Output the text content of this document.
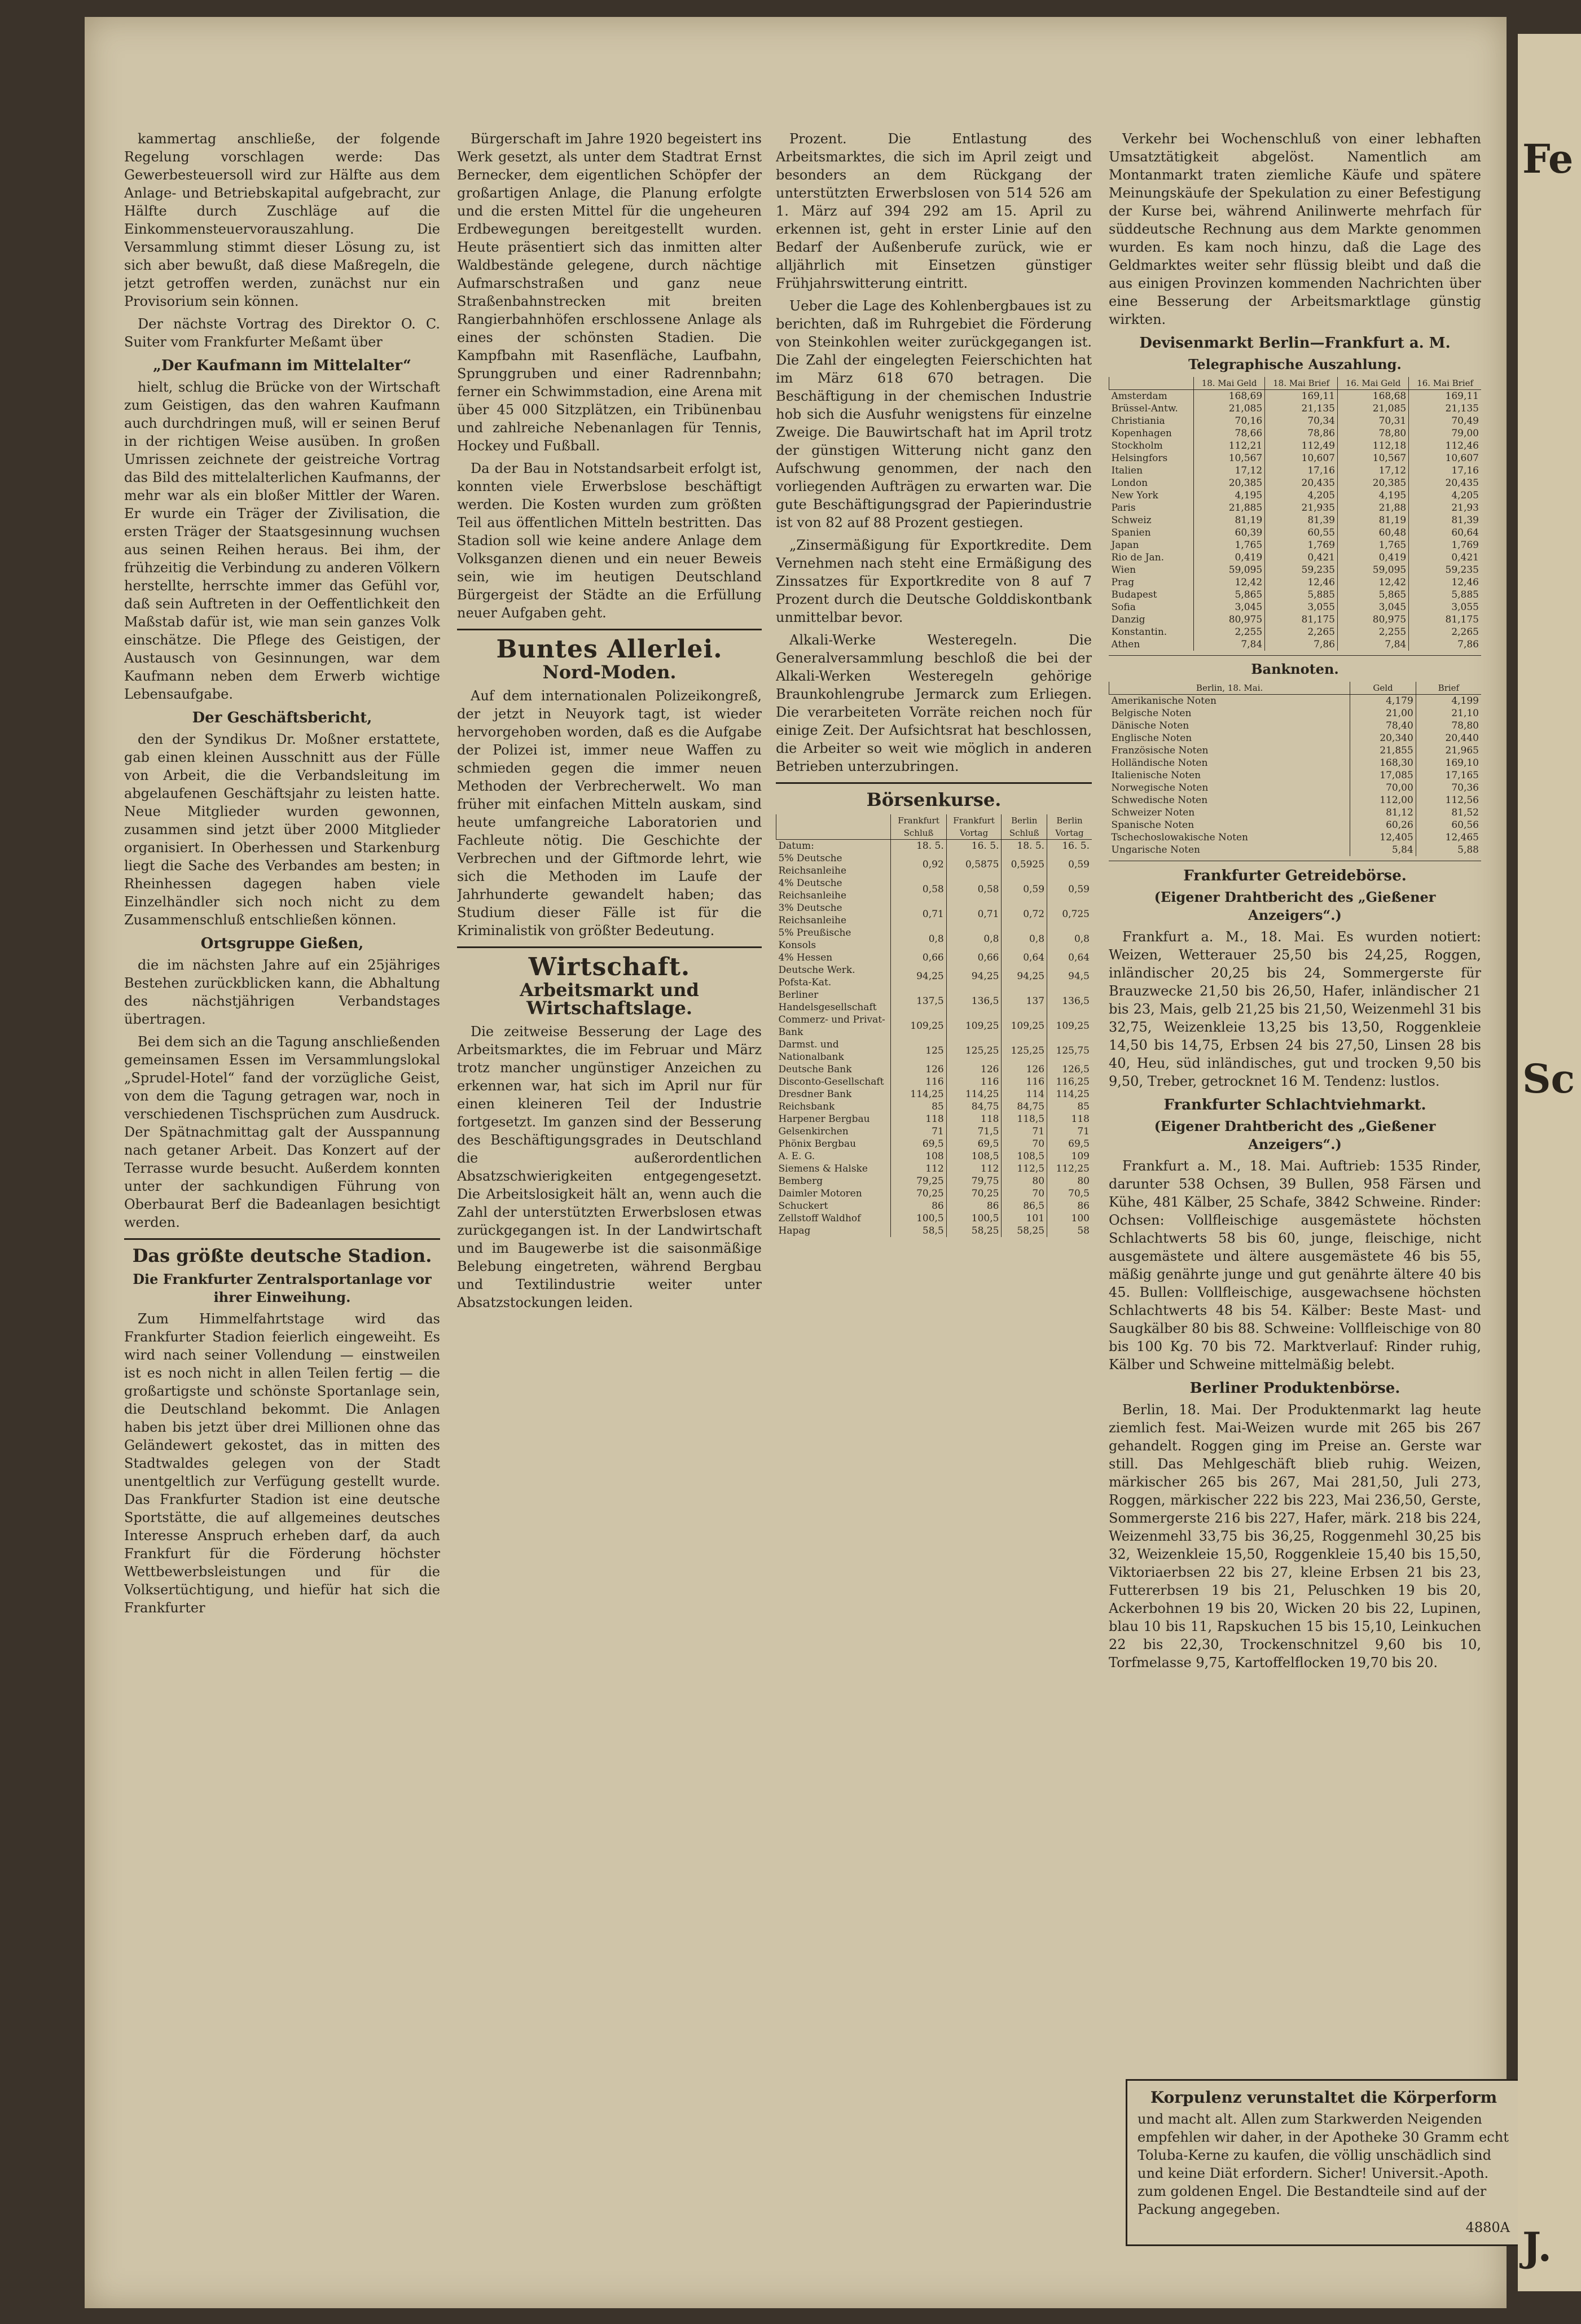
kammertag anschließe, der folgende Regelung vorschlagen werde: Das Gewerbesteuersoll wird zur Hälfte aus dem Anlage- und Betriebskapital aufgebracht, zur Hälfte durch Zuschläge auf die Einkommensteuervorauszahlung. Die Versammlung stimmt dieser Lösung zu, ist sich aber bewußt, daß diese Maßregeln, die jetzt getroffen werden, zunächst nur ein Provisorium sein können.

Der nächste Vortrag des Direktor O. C. Suiter vom Frankfurter Meßamt über

„Der Kaufmann im Mittelalter“

hielt, schlug die Brücke von der Wirtschaft zum Geistigen, das den wahren Kaufmann auch durchdringen muß, will er seinen Beruf in der richtigen Weise ausüben. In großen Umrissen zeichnete der geistreiche Vortrag das Bild des mittelalterlichen Kaufmanns, der mehr war als ein bloßer Mittler der Waren. Er wurde ein Träger der Zivilisation, die ersten Träger der Staatsgesinnung wuchsen aus seinen Reihen heraus. Bei ihm, der frühzeitig die Verbindung zu anderen Völkern herstellte, herrschte immer das Gefühl vor, daß sein Auftreten in der Oeffentlichkeit den Maßstab dafür ist, wie man sein ganzes Volk einschätze. Die Pflege des Geistigen, der Austausch von Gesinnungen, war dem Kaufmann neben dem Erwerb wichtige Lebensaufgabe.

Der Geschäftsbericht,

den der Syndikus Dr. Moßner erstattete, gab einen kleinen Ausschnitt aus der Fülle von Arbeit, die die Verbandsleitung im abgelaufenen Geschäftsjahr zu leisten hatte. Neue Mitglieder wurden gewonnen, zusammen sind jetzt über 2000 Mitglieder organisiert. In Oberhessen und Starkenburg liegt die Sache des Verbandes am besten; in Rheinhessen dagegen haben viele Einzelhändler sich noch nicht zu dem Zusammenschluß entschließen können.

Ortsgruppe Gießen,

die im nächsten Jahre auf ein 25jähriges Bestehen zurückblicken kann, die Abhaltung des nächstjährigen Verbandstages übertragen.

Bei dem sich an die Tagung anschließenden gemeinsamen Essen im Versammlungslokal „Sprudel-Hotel“ fand der vorzügliche Geist, von dem die Tagung getragen war, noch in verschiedenen Tischsprüchen zum Ausdruck. Der Spätnachmittag galt der Ausspannung nach getaner Arbeit. Das Konzert auf der Terrasse wurde besucht. Außerdem konnten unter der sachkundigen Führung von Oberbaurat Berf die Badeanlagen besichtigt werden.

Das größte deutsche Stadion.
Die Frankfurter Zentralsportanlage vor ihrer Einweihung.

Zum Himmelfahrtstage wird das Frankfurter Stadion feierlich eingeweiht. Es wird nach seiner Vollendung — einstweilen ist es noch nicht in allen Teilen fertig — die großartigste und schönste Sportanlage sein, die Deutschland bekommt. Die Anlagen haben bis jetzt über drei Millionen ohne das Geländewert gekostet, das in mitten des Stadtwaldes gelegen von der Stadt unentgeltlich zur Verfügung gestellt wurde. Das Frankfurter Stadion ist eine deutsche Sportstätte, die auf allgemeines deutsches Interesse Anspruch erheben darf, da auch Frankfurt für die Förderung höchster Wettbewerbsleistungen und für die Volksertüchtigung, und hiefür hat sich die Frankfurter

Bürgerschaft im Jahre 1920 begeistert ins Werk gesetzt, als unter dem Stadtrat Ernst Bernecker, dem eigentlichen Schöpfer der großartigen Anlage, die Planung erfolgte und die ersten Mittel für die ungeheuren Erdbewegungen bereitgestellt wurden. Heute präsentiert sich das inmitten alter Waldbestände gelegene, durch nächtige Aufmarschstraßen und ganz neue Straßenbahnstrecken mit breiten Rangierbahnhöfen erschlossene Anlage als eines der schönsten Stadien. Die Kampfbahn mit Rasenfläche, Laufbahn, Sprunggruben und einer Radrennbahn; ferner ein Schwimmstadion, eine Arena mit über 45 000 Sitzplätzen, ein Tribünenbau und zahlreiche Nebenanlagen für Tennis, Hockey und Fußball.

Da der Bau in Notstandsarbeit erfolgt ist, konnten viele Erwerbslose beschäftigt werden. Die Kosten wurden zum größten Teil aus öffentlichen Mitteln bestritten. Das Stadion soll wie keine andere Anlage dem Volksganzen dienen und ein neuer Beweis sein, wie im heutigen Deutschland Bürgergeist der Städte an die Erfüllung neuer Aufgaben geht.

Buntes Allerlei.
Nord-Moden.

Auf dem internationalen Polizeikongreß, der jetzt in Neuyork tagt, ist wieder hervorgehoben worden, daß es die Aufgabe der Polizei ist, immer neue Waffen zu schmieden gegen die immer neuen Methoden der Verbrecherwelt. Wo man früher mit einfachen Mitteln auskam, sind heute umfangreiche Laboratorien und Fachleute nötig. Die Geschichte der Verbrechen und der Giftmorde lehrt, wie sich die Methoden im Laufe der Jahrhunderte gewandelt haben; das Studium dieser Fälle ist für die Kriminalistik von größter Bedeutung.

Wirtschaft.
Arbeitsmarkt und Wirtschaftslage.

Die zeitweise Besserung der Lage des Arbeitsmarktes, die im Februar und März trotz mancher ungünstiger Anzeichen zu erkennen war, hat sich im April nur für einen kleineren Teil der Industrie fortgesetzt. Im ganzen sind der Besserung des Beschäftigungsgrades in Deutschland die außerordentlichen Absatzschwierigkeiten entgegengesetzt. Die Arbeitslosigkeit hält an, wenn auch die Zahl der unterstützten Erwerbslosen etwas zurückgegangen ist. In der Landwirtschaft und im Baugewerbe ist die saisonmäßige Belebung eingetreten, während Bergbau und Textilindustrie weiter unter Absatzstockungen leiden.

Prozent. Die Entlastung des Arbeitsmarktes, die sich im April zeigt und besonders an dem Rückgang der unterstützten Erwerbslosen von 514 526 am 1. März auf 394 292 am 15. April zu erkennen ist, geht in erster Linie auf den Bedarf der Außenberufe zurück, wie er alljährlich mit Einsetzen günstiger Frühjahrswitterung eintritt.

Ueber die Lage des Kohlenbergbaues ist zu berichten, daß im Ruhrgebiet die Förderung von Steinkohlen weiter zurückgegangen ist. Die Zahl der eingelegten Feierschichten hat im März 618 670 betragen. Die Beschäftigung in der chemischen Industrie hob sich die Ausfuhr wenigstens für einzelne Zweige. Die Bauwirtschaft hat im April trotz der günstigen Witterung nicht ganz den Aufschwung genommen, der nach den vorliegenden Aufträgen zu erwarten war. Die gute Beschäftigungsgrad der Papierindustrie ist von 82 auf 88 Prozent gestiegen.

„Zinsermäßigung für Exportkredite. Dem Vernehmen nach steht eine Ermäßigung des Zinssatzes für Exportkredite von 8 auf 7 Prozent durch die Deutsche Golddiskontbank unmittelbar bevor.

Alkali-Werke Westeregeln. Die Generalversammlung beschloß die bei der Alkali-Werken Westeregeln gehörige Braunkohlengrube Jermarck zum Erliegen. Die verarbeiteten Vorräte reichen noch für einige Zeit. Der Aufsichtsrat hat beschlossen, die Arbeiter so weit wie möglich in anderen Betrieben unterzubringen.

Börsenkurse.
	Frankfurt Schluß	Frankfurt Vortag	Berlin Schluß	Berlin Vortag
Datum:	18. 5.	16. 5.	18. 5.	16. 5.
5% Deutsche Reichsanleihe	0,92	0,5875	0,5925	0,59
4% Deutsche Reichsanleihe	0,58	0,58	0,59	0,59
3% Deutsche Reichsanleihe	0,71	0,71	0,72	0,725
5% Preußische Konsols	0,8	0,8	0,8	0,8
4% Hessen	0,66	0,66	0,64	0,64
Deutsche Werk. Pofsta-Kat.	94,25	94,25	94,25	94,5
Berliner Handelsgesellschaft	137,5	136,5	137	136,5
Commerz- und Privat-Bank	109,25	109,25	109,25	109,25
Darmst. und Nationalbank	125	125,25	125,25	125,75
Deutsche Bank	126	126	126	126,5
Disconto-Gesellschaft	116	116	116	116,25
Dresdner Bank	114,25	114,25	114	114,25
Reichsbank	85	84,75	84,75	85
Harpener Bergbau	118	118	118,5	118
Gelsenkirchen	71	71,5	71	71
Phönix Bergbau	69,5	69,5	70	69,5
A. E. G.	108	108,5	108,5	109
Siemens & Halske	112	112	112,5	112,25
Bemberg	79,25	79,75	80	80
Daimler Motoren	70,25	70,25	70	70,5
Schuckert	86	86	86,5	86
Zellstoff Waldhof	100,5	100,5	101	100
Hapag	58,5	58,25	58,25	58

Verkehr bei Wochenschluß von einer lebhaften Umsatztätigkeit abgelöst. Namentlich am Montanmarkt traten ziemliche Käufe und spätere Meinungskäufe der Spekulation zu einer Befestigung der Kurse bei, während Anilinwerte mehrfach für süddeutsche Rechnung aus dem Markte genommen wurden. Es kam noch hinzu, daß die Lage des Geldmarktes weiter sehr flüssig bleibt und daß die aus einigen Provinzen kommenden Nachrichten über eine Besserung der Arbeitsmarktlage günstig wirkten.

Devisenmarkt Berlin—Frankfurt a. M.
Telegraphische Auszahlung.
	18. Mai Geld	18. Mai Brief	16. Mai Geld	16. Mai Brief
Amsterdam	168,69	169,11	168,68	169,11
Brüssel-Antw.	21,085	21,135	21,085	21,135
Christiania	70,16	70,34	70,31	70,49
Kopenhagen	78,66	78,86	78,80	79,00
Stockholm	112,21	112,49	112,18	112,46
Helsingfors	10,567	10,607	10,567	10,607
Italien	17,12	17,16	17,12	17,16
London	20,385	20,435	20,385	20,435
New York	4,195	4,205	4,195	4,205
Paris	21,885	21,935	21,88	21,93
Schweiz	81,19	81,39	81,19	81,39
Spanien	60,39	60,55	60,48	60,64
Japan	1,765	1,769	1,765	1,769
Rio de Jan.	0,419	0,421	0,419	0,421
Wien	59,095	59,235	59,095	59,235
Prag	12,42	12,46	12,42	12,46
Budapest	5,865	5,885	5,865	5,885
Sofia	3,045	3,055	3,045	3,055
Danzig	80,975	81,175	80,975	81,175
Konstantin.	2,255	2,265	2,255	2,265
Athen	7,84	7,86	7,84	7,86
Banknoten.
Berlin, 18. Mai.	Geld	Brief
Amerikanische Noten	4,179	4,199
Belgische Noten	21,00	21,10
Dänische Noten	78,40	78,80
Englische Noten	20,340	20,440
Französische Noten	21,855	21,965
Holländische Noten	168,30	169,10
Italienische Noten	17,085	17,165
Norwegische Noten	70,00	70,36
Schwedische Noten	112,00	112,56
Schweizer Noten	81,12	81,52
Spanische Noten	60,26	60,56
Tschechoslowakische Noten	12,405	12,465
Ungarische Noten	5,84	5,88
Frankfurter Getreidebörse.
(Eigener Drahtbericht des „Gießener Anzeigers“.)

Frankfurt a. M., 18. Mai. Es wurden notiert: Weizen, Wetterauer 25,50 bis 24,25, Roggen, inländischer 20,25 bis 24, Sommergerste für Brauzwecke 21,50 bis 26,50, Hafer, inländischer 21 bis 23, Mais, gelb 21,25 bis 21,50, Weizenmehl 31 bis 32,75, Weizenkleie 13,25 bis 13,50, Roggenkleie 14,50 bis 14,75, Erbsen 24 bis 27,50, Linsen 28 bis 40, Heu, süd inländisches, gut und trocken 9,50 bis 9,50, Treber, getrocknet 16 M. Tendenz: lustlos.

Frankfurter Schlachtviehmarkt.
(Eigener Drahtbericht des „Gießener Anzeigers“.)

Frankfurt a. M., 18. Mai. Auftrieb: 1535 Rinder, darunter 538 Ochsen, 39 Bullen, 958 Färsen und Kühe, 481 Kälber, 25 Schafe, 3842 Schweine. Rinder: Ochsen: Vollfleischige ausgemästete höchsten Schlachtwerts 58 bis 60, junge, fleischige, nicht ausgemästete und ältere ausgemästete 46 bis 55, mäßig genährte junge und gut genährte ältere 40 bis 45. Bullen: Vollfleischige, ausgewachsene höchsten Schlachtwerts 48 bis 54. Kälber: Beste Mast- und Saugkälber 80 bis 88. Schweine: Vollfleischige von 80 bis 100 Kg. 70 bis 72. Marktverlauf: Rinder ruhig, Kälber und Schweine mittelmäßig belebt.

Berliner Produktenbörse.

Berlin, 18. Mai. Der Produktenmarkt lag heute ziemlich fest. Mai-Weizen wurde mit 265 bis 267 gehandelt. Roggen ging im Preise an. Gerste war still. Das Mehlgeschäft blieb ruhig. Weizen, märkischer 265 bis 267, Mai 281,50, Juli 273, Roggen, märkischer 222 bis 223, Mai 236,50, Gerste, Sommergerste 216 bis 227, Hafer, märk. 218 bis 224, Weizenmehl 33,75 bis 36,25, Roggenmehl 30,25 bis 32, Weizenkleie 15,50, Roggenkleie 15,40 bis 15,50, Viktoriaerbsen 22 bis 27, kleine Erbsen 21 bis 23, Futtererbsen 19 bis 21, Peluschken 19 bis 20, Ackerbohnen 19 bis 20, Wicken 20 bis 22, Lupinen, blau 10 bis 11, Rapskuchen 15 bis 15,10, Leinkuchen 22 bis 22,30, Trockenschnitzel 9,60 bis 10, Torfmelasse 9,75, Kartoffelflocken 19,70 bis 20.

Korpulenz verunstaltet die Körperform
und macht alt. Allen zum Starkwerden Neigenden empfehlen wir daher, in der Apotheke 30 Gramm echt Toluba-Kerne zu kaufen, die völlig unschädlich sind und keine Diät erfordern. Sicher! Universit.-Apoth. zum goldenen Engel. Die Bestandteile sind auf der Packung angegeben.
4880A
Fe
Sc
J.
